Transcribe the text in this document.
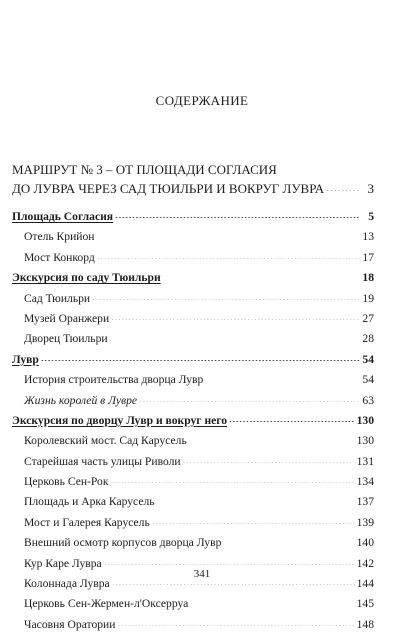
СОДЕРЖАНИЕ
МАРШРУТ № 3 – ОТ ПЛОЩАДИ СОГЛАСИЯ
ДО ЛУВРА ЧЕРЕЗ САД ТЮИЛЬРИ И ВОКРУГ ЛУВРА .....	3
Площадь Согласия .....	5
Отель Крийон .....	13
Мост Конкорд .....	17
Экскурсия по саду Тюильри .....	18
Сад Тюильри .....	19
Музей Оранжери .....	27
Дворец Тюильри .....	28
Лувр .....	54
История строительства дворца Лувр .....	54
Жизнь королей в Лувре .....	63
Экскурсия по дворцу Лувр и вокруг него .....	130
Королевский мост. Сад Карусель .....	130
Старейшая часть улицы Риволи .....	131
Церковь Сен-Рок .....	134
Площадь и Арка Карусель .....	137
Мост и Галерея Карусель .....	139
Внешний осмотр корпусов дворца Лувр .....	140
Кур Каре Лувра .....	142
Колоннада Лувра .....	144
Церковь Сен-Жермен-л'Оксерруа .....	145
Часовня Оратории .....	148
341
